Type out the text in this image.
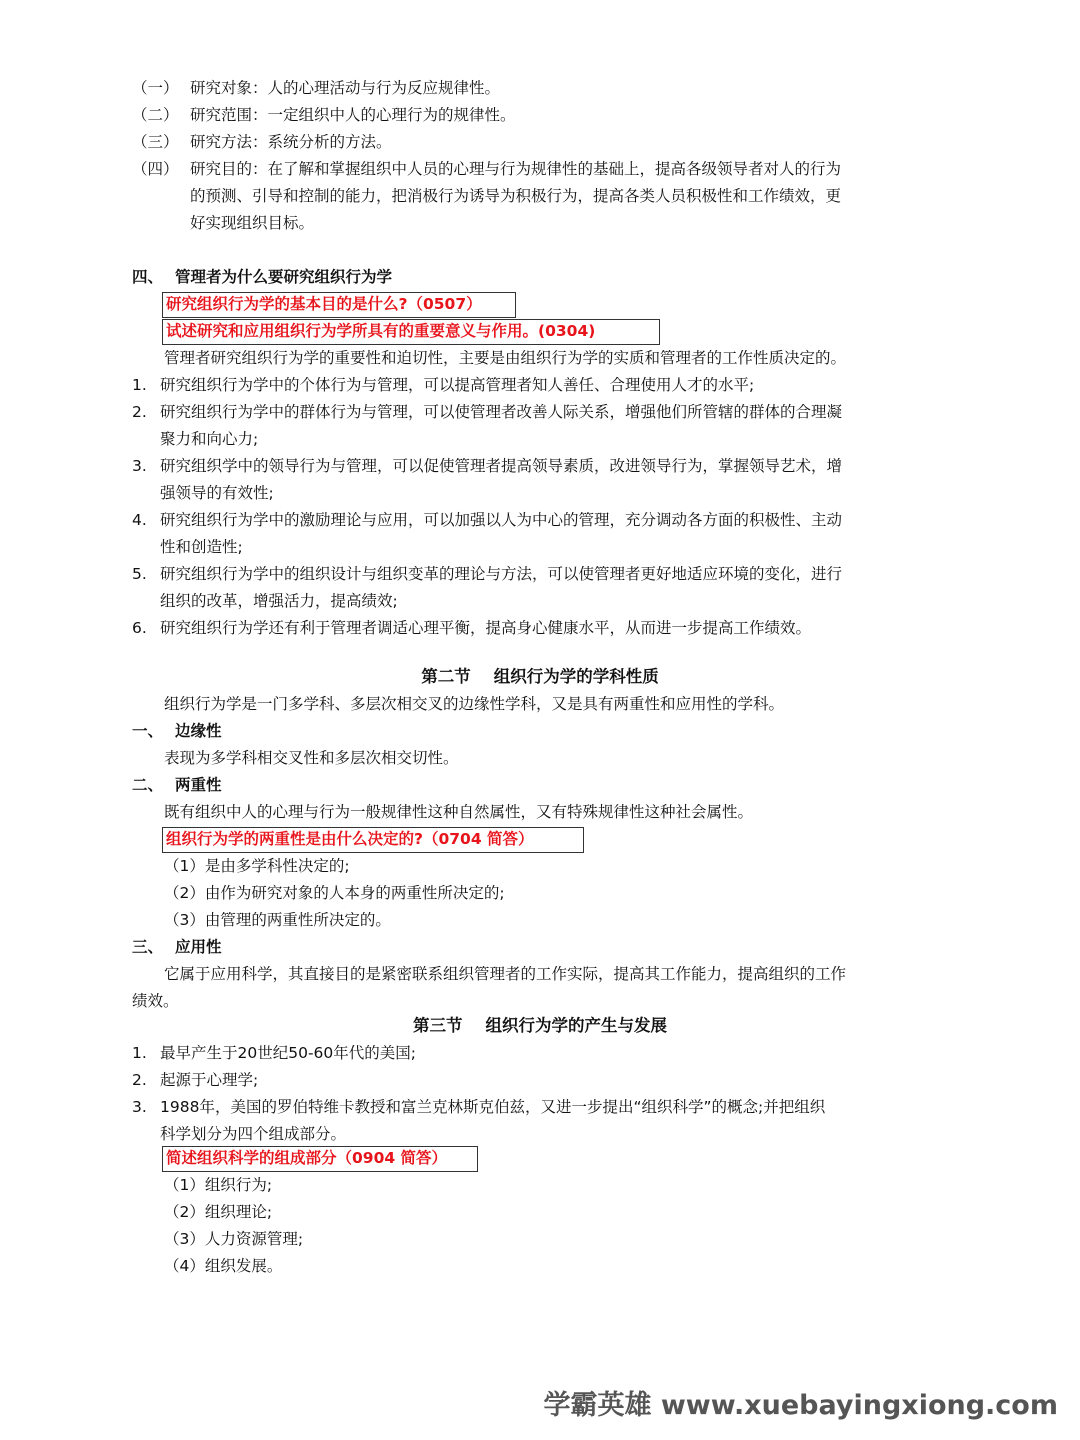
（一） 研究对象：人的心理活动与行为反应规律性。
（二） 研究范围：一定组织中人的心理行为的规律性。
（三） 研究方法：系统分析的方法。
（四） 研究目的：在了解和掌握组织中人员的心理与行为规律性的基础上，提高各级领导者对人的行为
的预测、引导和控制的能力，把消极行为诱导为积极行为，提高各类人员积极性和工作绩效，更
好实现组织目标。
四、 管理者为什么要研究组织行为学
研究组织行为学的基本目的是什么?（0507）
试述研究和应用组织行为学所具有的重要意义与作用。(0304)
管理者研究组织行为学的重要性和迫切性，主要是由组织行为学的实质和管理者的工作性质决定的。
1. 研究组织行为学中的个体行为与管理，可以提高管理者知人善任、合理使用人才的水平;
2. 研究组织行为学中的群体行为与管理，可以使管理者改善人际关系，增强他们所管辖的群体的合理凝
聚力和向心力;
3. 研究组织学中的领导行为与管理，可以促使管理者提高领导素质，改进领导行为，掌握领导艺术，增
强领导的有效性;
4. 研究组织行为学中的激励理论与应用，可以加强以人为中心的管理，充分调动各方面的积极性、主动
性和创造性;
5. 研究组织行为学中的组织设计与组织变革的理论与方法，可以使管理者更好地适应环境的变化，进行
组织的改革，增强活力，提高绩效;
6. 研究组织行为学还有利于管理者调适心理平衡，提高身心健康水平，从而进一步提高工作绩效。
第二节    组织行为学的学科性质
组织行为学是一门多学科、多层次相交叉的边缘性学科，又是具有两重性和应用性的学科。
一、 边缘性
表现为多学科相交叉性和多层次相交切性。
二、 两重性
既有组织中人的心理与行为一般规律性这种自然属性，又有特殊规律性这种社会属性。
组织行为学的两重性是由什么决定的?（0704 简答）
（1）是由多学科性决定的;
（2）由作为研究对象的人本身的两重性所决定的;
（3）由管理的两重性所决定的。
三、 应用性
它属于应用科学，其直接目的是紧密联系组织管理者的工作实际，提高其工作能力，提高组织的工作
绩效。
第三节    组织行为学的产生与发展
1. 最早产生于20世纪50-60年代的美国;
2. 起源于心理学;
3. 1988年，美国的罗伯特维卡教授和富兰克林斯克伯兹，又进一步提出“组织科学”的概念;并把组织
科学划分为四个组成部分。
简述组织科学的组成部分（0904 简答）
（1）组织行为;
（2）组织理论;
（3）人力资源管理;
（4）组织发展。
学霸英雄 www.xuebayingxiong.com
